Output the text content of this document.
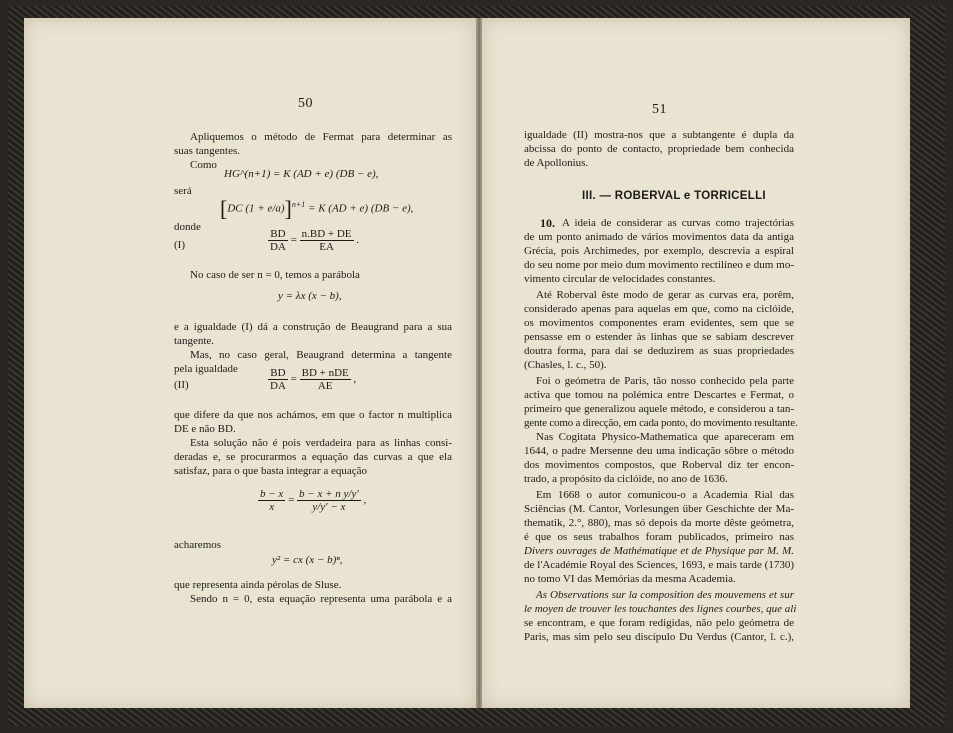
50
Apliquemos o método de Fermat para determinar as
suas tangentes.
Como
HG^(n+1) = K (AD + e) (DB − e),
será
[DC (1 + e/a)]$^{n+1}$ = K (AD + e) (DB − e),
donde
(I)	$\frac{BD}{DA} = \frac{n.BD + DE}{EA}$ .
No caso de ser n = 0, temos a parábola
y = λx (x − b),
e a igualdade (I) dá a construção de Beaugrand para a sua
tangente.
Mas, no caso geral, Beaugrand determina a tangente
pela igualdade
(II)	$\frac{BD}{DA} = \frac{\text{BD + nDE}}{AE}$ ,
que difere da que nos achámos, em que o factor n multiplica
DE e não BD.
Esta solução não é pois verdadeira para as linhas consi-
deradas e, se procurarmos a equação das curvas a que ela
satisfaz, para o que basta integrar a equação
$\frac{b - x}{x} = \frac{\text{b − x + n y/y′}}{y/y' - x}$ ,
acharemos
y² = cx (x − b)ⁿ,
que representa ainda pérolas de Sluse.
Sendo n = 0, esta equação representa uma parábola e a
51
igualdade (II) mostra-nos que a subtangente é dupla da
abcissa do ponto de contacto, propriedade bem conhecida
de Apollonius.
III. — ROBERVAL e TORRICELLI
10. A ideia de considerar as curvas como trajectórias
de um ponto animado de vários movimentos data da antiga
Grécia, pois Archimedes, por exemplo, descrevia a espiral
do seu nome por meio dum movimento rectilíneo e dum mo-
vimento circular de velocidades constantes.
Até Roberval êste modo de gerar as curvas era, porêm,
considerado apenas para aquelas em que, como na ciclóide,
os movimentos componentes eram evidentes, sem que se
pensasse em o estender às linhas que se sabiam descrever
doutra forma, para daí se deduzirem as suas propriedades
(Chasles, l. c., 50).
Foi o geómetra de Paris, tão nosso conhecido pela parte
activa que tomou na polémica entre Descartes e Fermat, o
primeiro que generalizou aquele método, e considerou a tan-
gente como a direcção, em cada ponto, do movimento resultante.
Nas Cogitata Physico-Mathematica que apareceram em
1644, o padre Mersenne deu uma indicação sôbre o método
dos movimentos compostos, que Roberval diz ter encon-
trado, a propósito da ciclóide, no ano de 1636.
Em 1668 o autor comunicou-o a Academia Rial das
Sciências (M. Cantor, Vorlesungen über Geschichte der Ma-
thematik, 2.°, 880), mas só depois da morte dêste geómetra,
é que os seus trabalhos foram publicados, primeiro nas
Divers ouvrages de Mathématique et de Physique par M. M.
de l'Académie Royal des Sciences, 1693, e mais tarde (1730)
no tomo VI das Memórias da mesma Academia.
As Observations sur la composition des mouvemens et sur
le moyen de trouver les touchantes des lignes courbes, que ali
se encontram, e que foram redigidas, não pelo geómetra de
Paris, mas sim pelo seu discípulo Du Verdus (Cantor, l. c.),
